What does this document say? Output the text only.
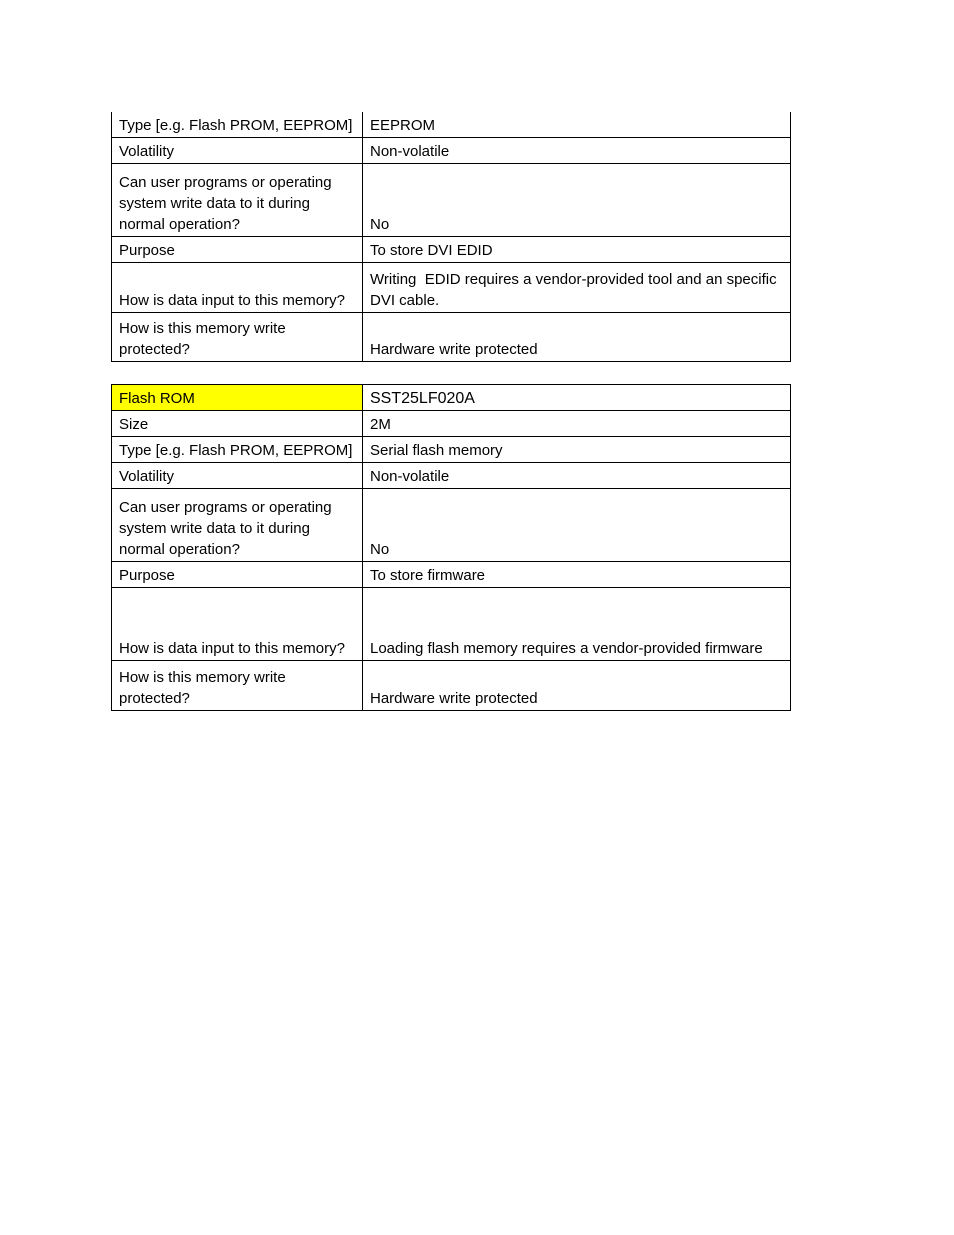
Type [e.g. Flash PROM, EEPROM]	EEPROM
Volatility	Non-volatile
Can user programs or operating system write data to it during normal operation?	No
Purpose	To store DVI EDID
How is data input to this memory?	Writing  EDID requires a vendor-provided tool and an specific DVI cable.
How is this memory write protected?	Hardware write protected
Flash ROM	SST25LF020A
Size	2M
Type [e.g. Flash PROM, EEPROM]	Serial flash memory
Volatility	Non-volatile
Can user programs or operating system write data to it during normal operation?	No
Purpose	To store firmware
How is data input to this memory?	Loading flash memory requires a vendor-provided firmware
How is this memory write protected?	Hardware write protected
